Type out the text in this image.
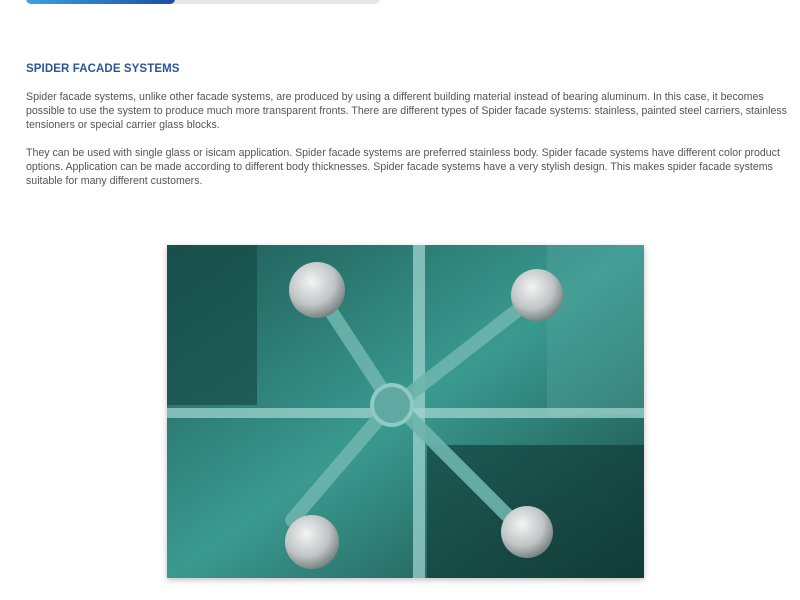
SPIDER FACADE SYSTEMS

Spider facade systems, unlike other facade systems, are produced by using a different building material instead of bearing aluminum. In this case, it becomes possible to use the system to produce much more transparent fronts. There are different types of Spider facade systems: stainless, painted steel carriers, stainless tensioners or special carrier glass blocks.

They can be used with single glass or isicam application. Spider facade systems are preferred stainless body. Spider facade systems have different color product options. Application can be made according to different body thicknesses. Spider facade systems have a very stylish design. This makes spider facade systems suitable for many different customers.
